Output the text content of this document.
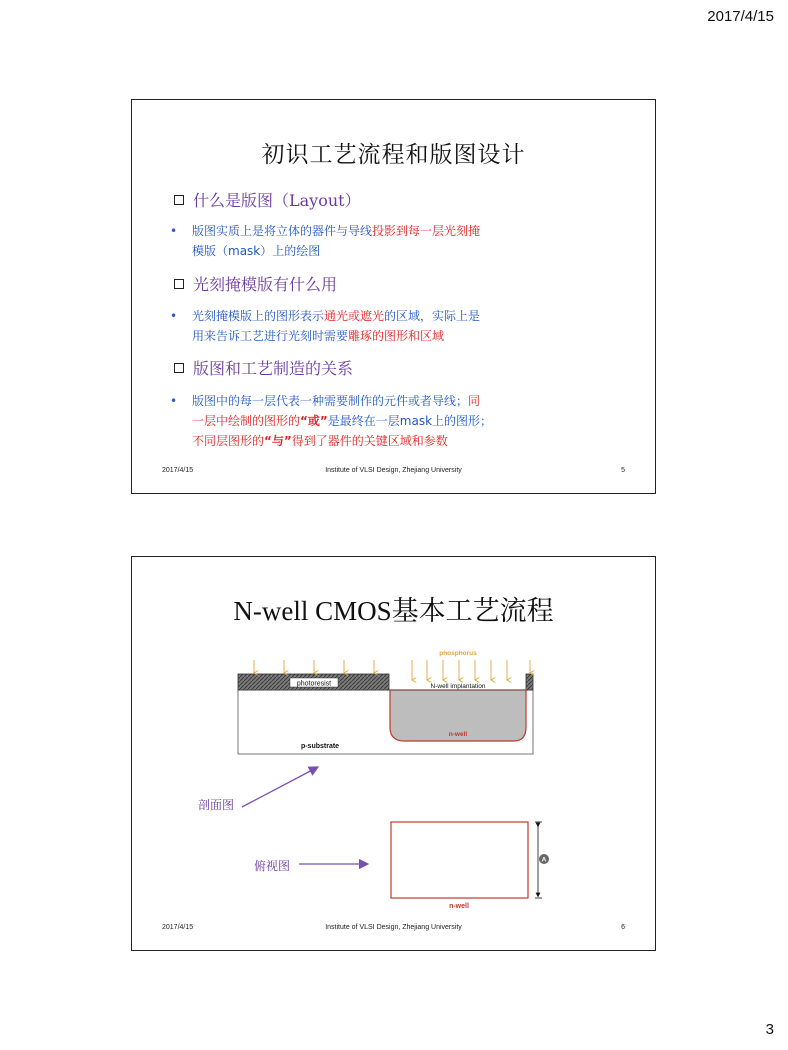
2017/4/15
初识工艺流程和版图设计
什么是版图（Layout）
• 版图实质上是将立体的器件与导线投影到每一层光刻掩
模版（mask）上的绘图
光刻掩模版有什么用
• 光刻掩模版上的图形表示通光或遮光的区域，实际上是
用来告诉工艺进行光刻时需要雕琢的图形和区域
版图和工艺制造的关系
• 版图中的每一层代表一种需要制作的元件或者导线；同
一层中绘制的图形的“或”是最终在一层mask上的图形；
不同层图形的“与”得到了器件的关键区域和参数
2017/4/15	Institute of VLSI Design, Zhejiang University	5
N-well CMOS基本工艺流程
photoresist	N-well implantation
n-well
p-substrate
phosphorus
n-well
A
剖面图
俯视图
2017/4/15	Institute of VLSI Design, Zhejiang University	6
3
